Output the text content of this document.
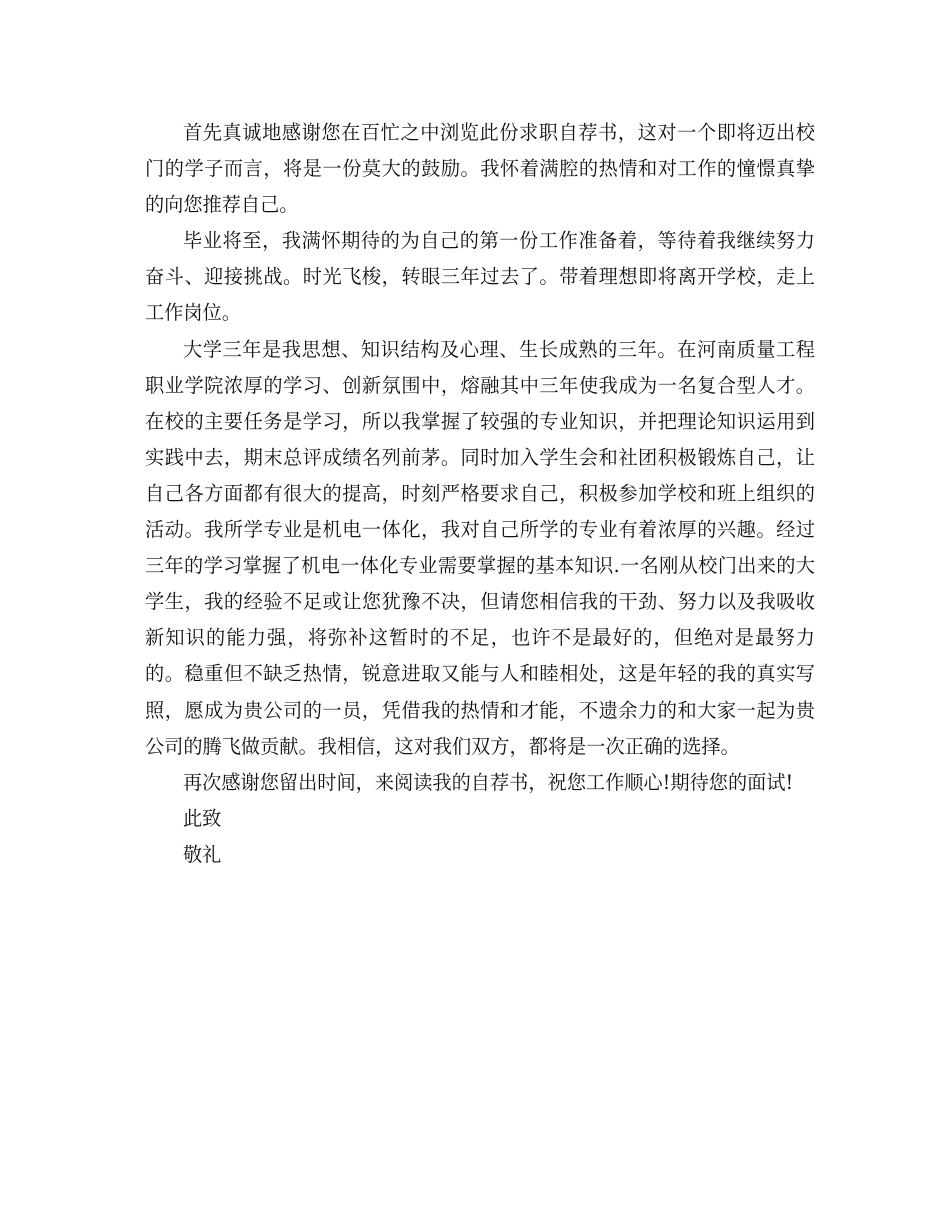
首先真诚地感谢您在百忙之中浏览此份求职自荐书，这对一个即将迈出校门的学子而言，将是一份莫大的鼓励。我怀着满腔的热情和对工作的憧憬真挚的向您推荐自己。

毕业将至，我满怀期待的为自己的第一份工作准备着，等待着我继续努力奋斗、迎接挑战。时光飞梭，转眼三年过去了。带着理想即将离开学校，走上工作岗位。

大学三年是我思想、知识结构及心理、生长成熟的三年。在河南质量工程职业学院浓厚的学习、创新氛围中，熔融其中三年使我成为一名复合型人才。在校的主要任务是学习，所以我掌握了较强的专业知识，并把理论知识运用到实践中去，期末总评成绩名列前茅。同时加入学生会和社团积极锻炼自己，让自己各方面都有很大的提高，时刻严格要求自己，积极参加学校和班上组织的活动。我所学专业是机电一体化，我对自己所学的专业有着浓厚的兴趣。经过三年的学习掌握了机电一体化专业需要掌握的基本知识.一名刚从校门出来的大学生，我的经验不足或让您犹豫不决，但请您相信我的干劲、努力以及我吸收新知识的能力强，将弥补这暂时的不足，也许不是最好的，但绝对是最努力的。稳重但不缺乏热情，锐意进取又能与人和睦相处，这是年轻的我的真实写照，愿成为贵公司的一员，凭借我的热情和才能，不遗余力的和大家一起为贵公司的腾飞做贡献。我相信，这对我们双方，都将是一次正确的选择。

再次感谢您留出时间，来阅读我的自荐书，祝您工作顺心!期待您的面试!

此致

敬礼
